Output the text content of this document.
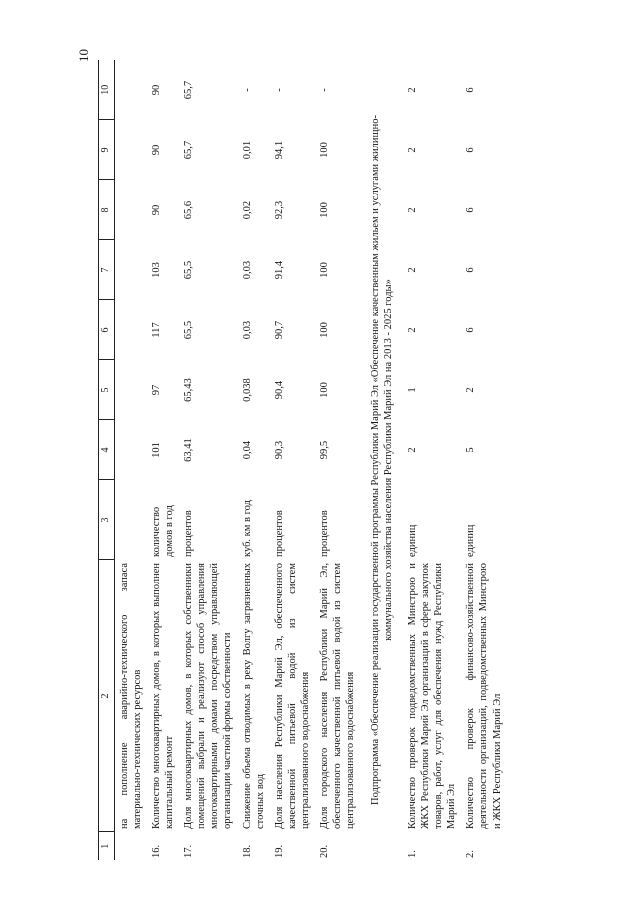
10
1	2	3	4	5	6	7	8	9	10
	на пополнение аварийно-технического запаса материально-технических ресурсов								
16.	Количество многоквартирных домов, в которых выполнен капитальный ремонт	количество домов в год	101	97	117	103	90	90	90
17.	Доля многоквартирных домов, в которых собственники помещений выбрали и реализуют способ управления многоквартирными домами посредством управляющей организации частной формы собственности	процентов	63,41	65,43	65,5	65,5	65,6	65,7	65,7
18.	Снижение объема отводимых в реку Волгу загрязненных сточных вод	куб. км в год	0,04	0,038	0,03	0,03	0,02	0,01	-
19.	Доля населения Республики Марий Эл, обеспеченного качественной питьевой водой из систем централизованного водоснабжения	процентов	90,3	90,4	90,7	91,4	92,3	94,1	-
20.	Доля городского населения Республики Марий Эл, обеспеченного качественной питьевой водой из систем централизованного водоснабжения	процентов	99,5	100	100	100	100	100	-
Подпрограмма «Обеспечение реализации государственной программы Республики Марий Эл «Обеспечение качественным жильем и услугами жилищно-коммунального хозяйства населения Республики Марий Эл на 2013 - 2025 годы»									
1.	Количество проверок подведомственных Минстрою и ЖКХ Республики Марий Эл организаций в сфере закупок товаров, работ, услуг для обеспечения нужд Республики Марий Эл	единиц	2	1	2	2	2	2	2
2.	Количество проверок финансово-хозяйственной деятельности организаций, подведомственных Минстрою и ЖКХ Республики Марий Эл	единиц	5	2	6	6	6	6	6
